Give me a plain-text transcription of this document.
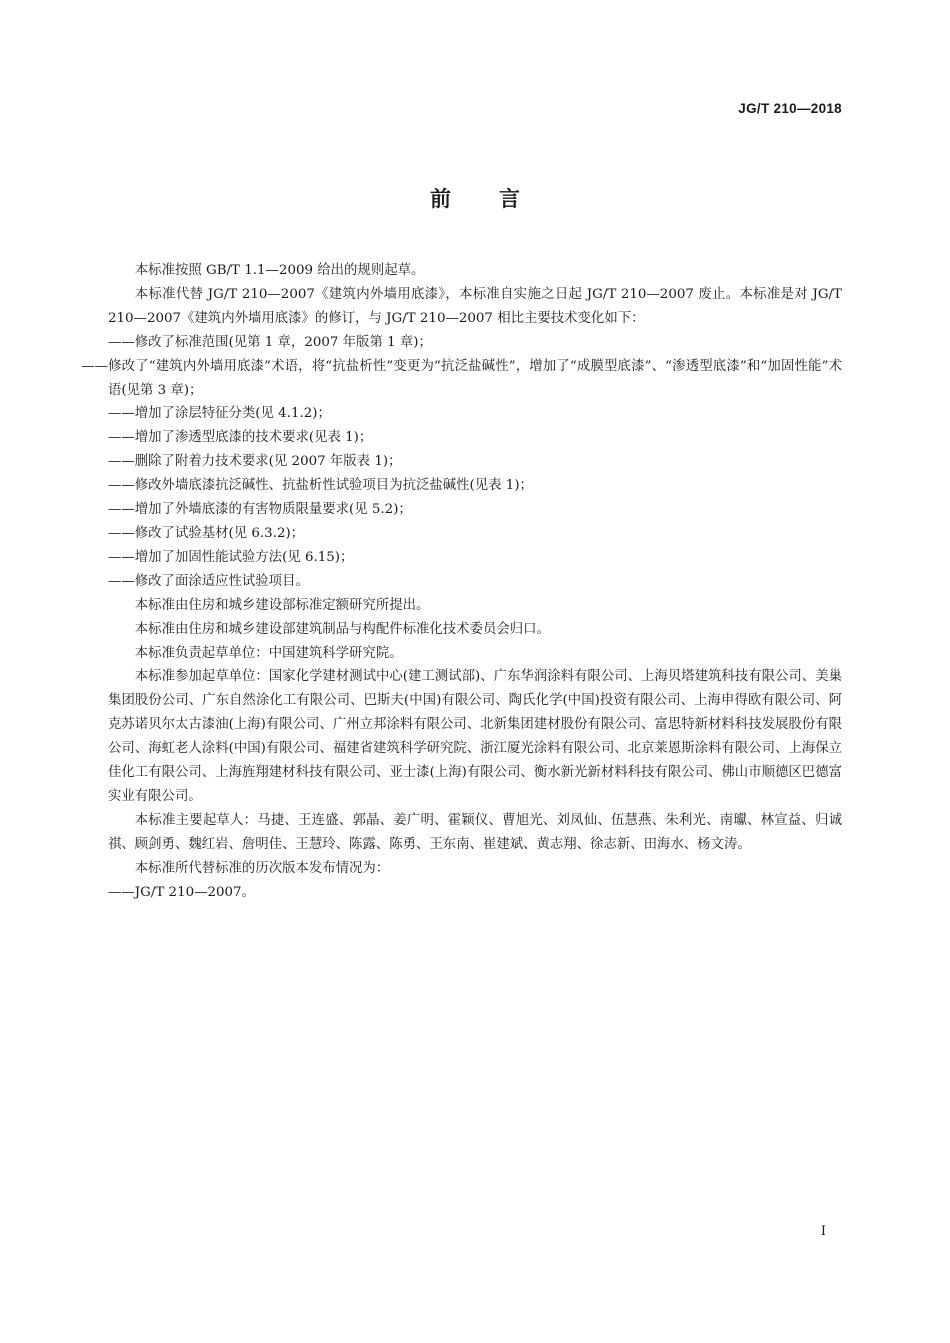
JG/T 210—2018
前言

本标准按照 GB/T 1.1—2009 给出的规则起草。

本标准代替 JG/T 210—2007《建筑内外墙用底漆》，本标准自实施之日起 JG/T 210—2007 废止。本标准是对 JG/T 210—2007《建筑内外墙用底漆》的修订，与 JG/T 210—2007 相比主要技术变化如下：

——修改了标准范围(见第 1 章，2007 年版第 1 章)；

——修改了“建筑内外墙用底漆”术语，将“抗盐析性”变更为“抗泛盐碱性”，增加了“成膜型底漆”、“渗透型底漆”和“加固性能”术语(见第 3 章)；

——增加了涂层特征分类(见 4.1.2)；

——增加了渗透型底漆的技术要求(见表 1)；

——删除了附着力技术要求(见 2007 年版表 1)；

——修改外墙底漆抗泛碱性、抗盐析性试验项目为抗泛盐碱性(见表 1)；

——增加了外墙底漆的有害物质限量要求(见 5.2)；

——修改了试验基材(见 6.3.2)；

——增加了加固性能试验方法(见 6.15)；

——修改了面涂适应性试验项目。

本标准由住房和城乡建设部标准定额研究所提出。

本标准由住房和城乡建设部建筑制品与构配件标准化技术委员会归口。

本标准负责起草单位：中国建筑科学研究院。

本标准参加起草单位：国家化学建材测试中心(建工测试部)、广东华润涂料有限公司、上海贝塔建筑科技有限公司、美巢集团股份公司、广东自然涂化工有限公司、巴斯夫(中国)有限公司、陶氏化学(中国)投资有限公司、上海申得欧有限公司、阿克苏诺贝尔太古漆油(上海)有限公司、广州立邦涂料有限公司、北新集团建材股份有限公司、富思特新材料科技发展股份有限公司、海虹老人涂料(中国)有限公司、福建省建筑科学研究院、浙江厦光涂料有限公司、北京莱恩斯涂料有限公司、上海保立佳化工有限公司、上海旌翔建材科技有限公司、亚士漆(上海)有限公司、衡水新光新材料科技有限公司、佛山市顺德区巴德富实业有限公司。

本标准主要起草人：马捷、王连盛、郭晶、姜广明、霍颖仪、曹旭光、刘凤仙、伍慧燕、朱利光、南瓛、林宣益、归诚祺、顾剑勇、魏红岩、詹明佳、王慧玲、陈露、陈勇、王东南、崔建斌、黄志翔、徐志新、田海水、杨文涛。

本标准所代替标准的历次版本发布情况为：

——JG/T 210—2007。

I
